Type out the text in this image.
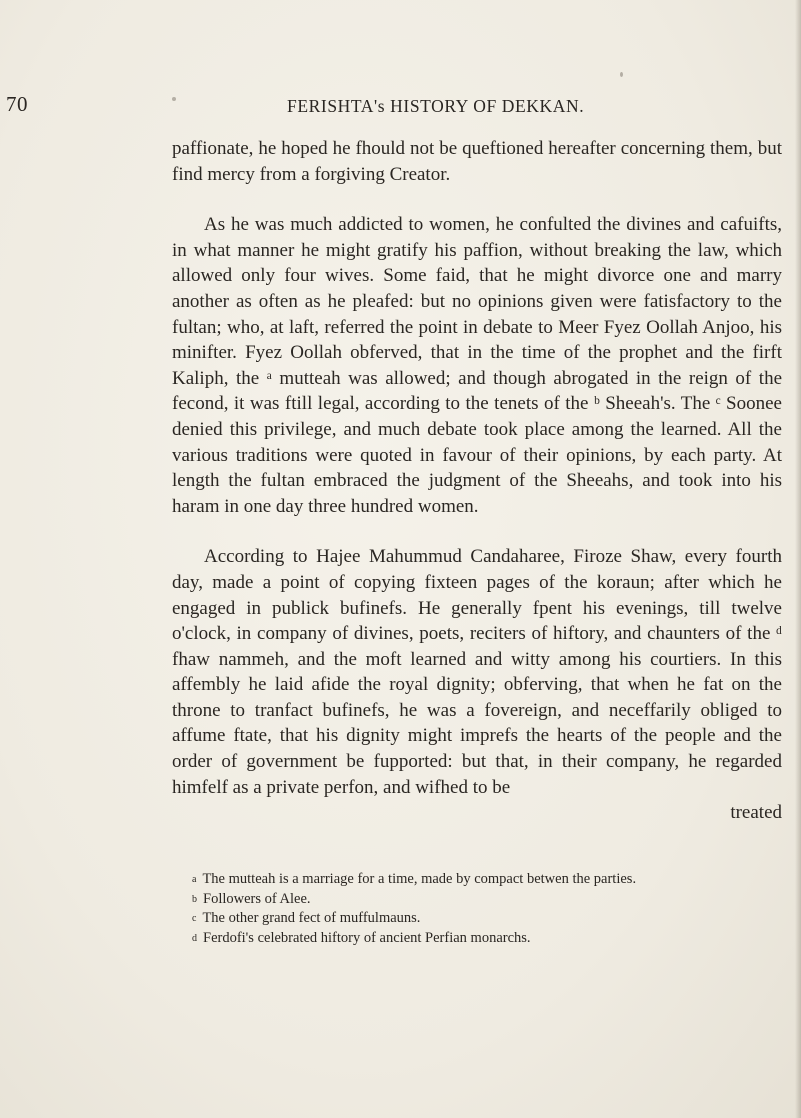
70	FERISHTA's HISTORY OF DEKKAN.

paffionate, he hoped he fhould not be queftioned hereafter concerning them, but find mercy from a forgiving Creator.

As he was much addicted to women, he confulted the divines and cafuifts, in what manner he might gratify his paffion, without breaking the law, which allowed only four wives. Some faid, that he might divorce one and marry another as often as he pleafed: but no opinions given were fatisfactory to the fultan; who, at laft, referred the point in debate to Meer Fyez Oollah Anjoo, his minifter. Fyez Oollah obferved, that in the time of the prophet and the firft Kaliph, the ᵃ mutteah was allowed; and though abrogated in the reign of the fecond, it was ftill legal, according to the tenets of the ᵇ Sheeah's. The ᶜ Soonee denied this privilege, and much debate took place among the learned. All the various traditions were quoted in favour of their opinions, by each party. At length the fultan embraced the judgment of the Sheeahs, and took into his haram in one day three hundred women.

According to Hajee Mahummud Candaharee, Firoze Shaw, every fourth day, made a point of copying fixteen pages of the koraun; after which he engaged in publick bufinefs. He generally fpent his evenings, till twelve o'clock, in company of divines, poets, reciters of hiftory, and chaunters of the ᵈ fhaw nammeh, and the moft learned and witty among his courtiers. In this affembly he laid afide the royal dignity; obferving, that when he fat on the throne to tranfact bufinefs, he was a fovereign, and neceffarily obliged to affume ftate, that his dignity might imprefs the hearts of the people and the order of government be fupported: but that, in their company, he regarded himfelf as a private perfon, and wifhed to be

treated

$^a$ The mutteah is a marriage for a time, made by compact betwen the parties.

$^b$ Followers of Alee.

$^c$ The other grand fect of muffulmauns.

$^d$ Ferdofi's celebrated hiftory of ancient Perfian monarchs.
